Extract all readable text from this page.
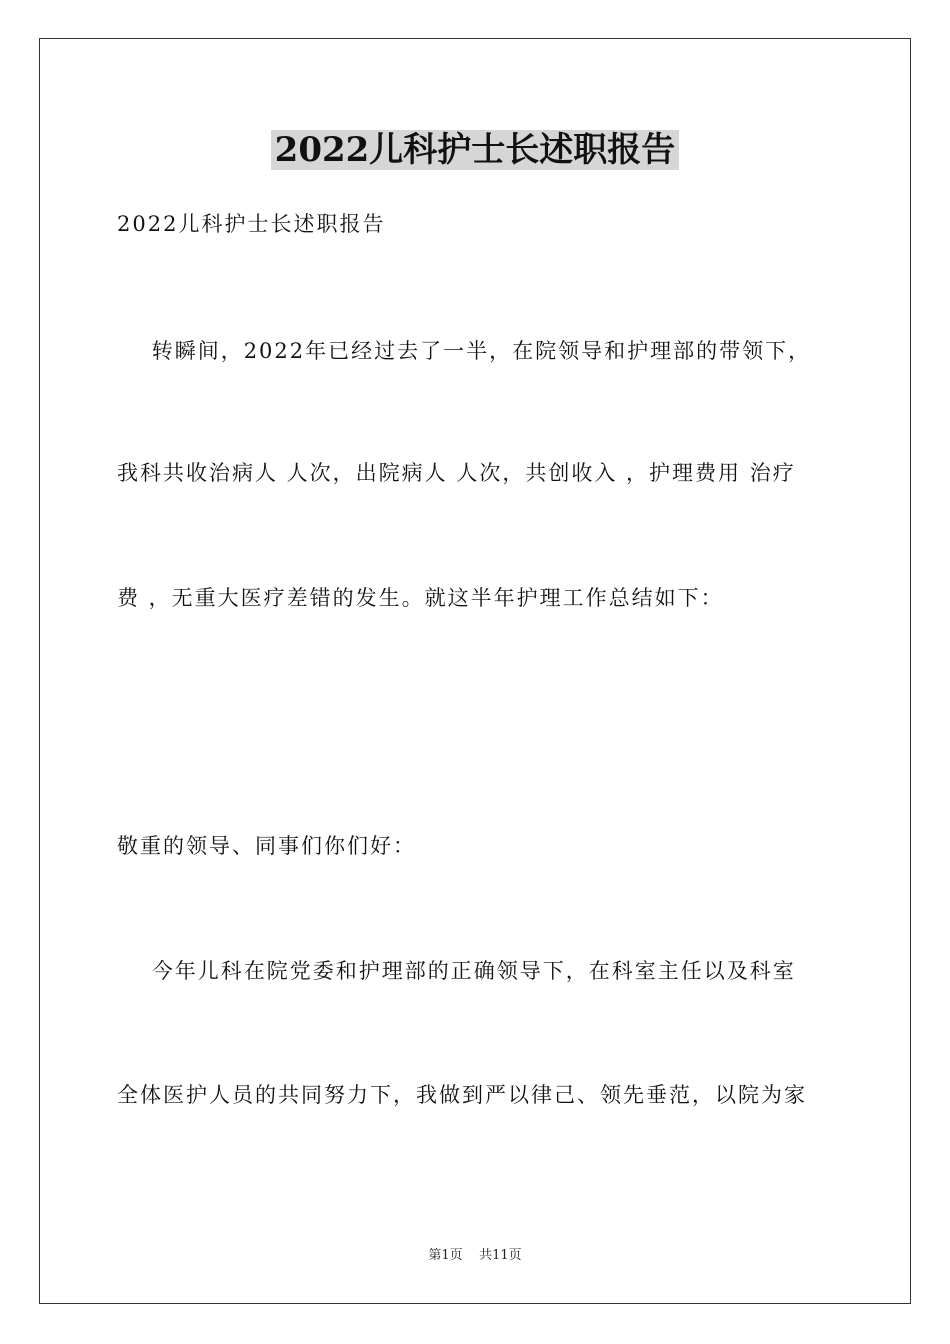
2022儿科护士长述职报告
2022儿科护士长述职报告
转瞬间，2022年已经过去了一半，在院领导和护理部的带领下，
我科共收治病人 人次，出院病人 人次，共创收入 ，护理费用 治疗
费 ，无重大医疗差错的发生。就这半年护理工作总结如下：
敬重的领导、同事们你们好：
今年儿科在院党委和护理部的正确领导下，在科室主任以及科室
全体医护人员的共同努力下，我做到严以律己、领先垂范，以院为家
第1页    共11页
